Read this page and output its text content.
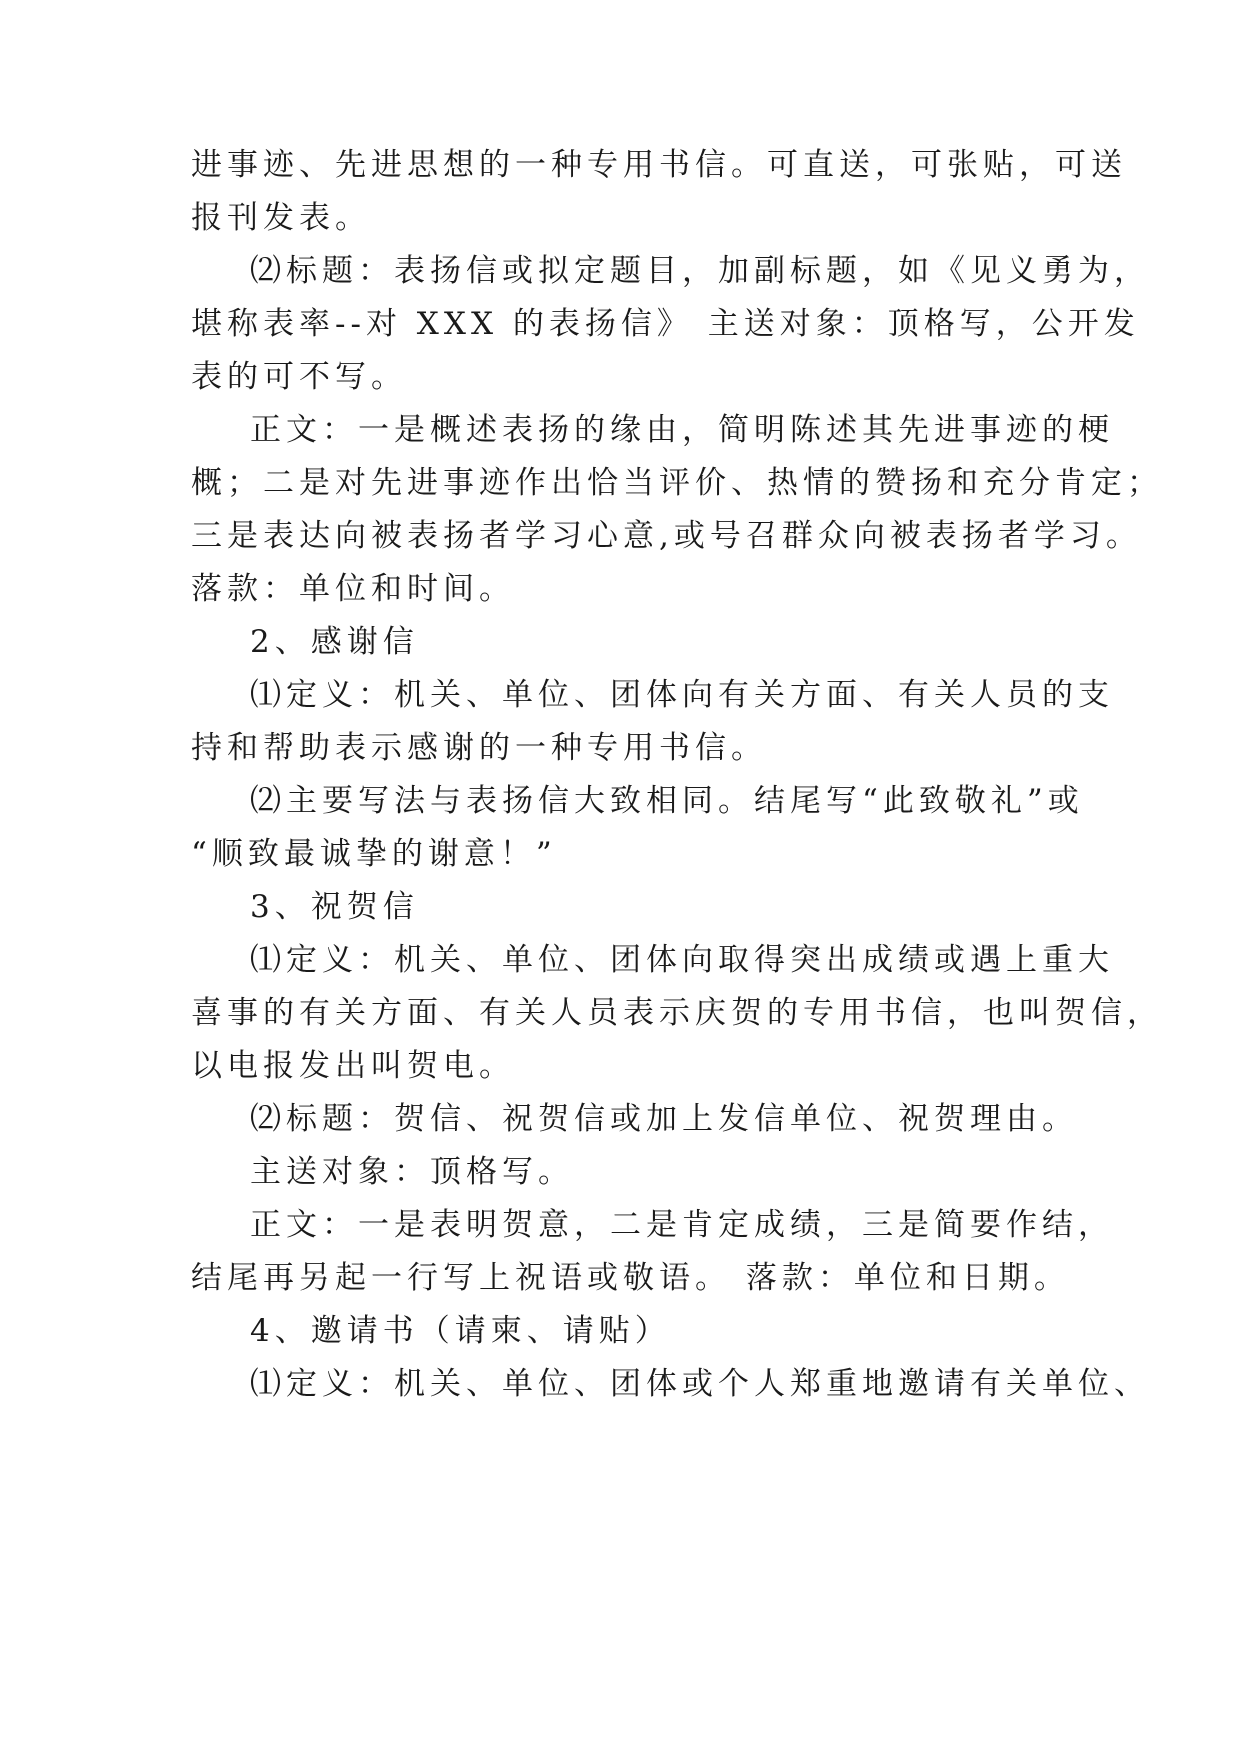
进事迹、先进思想的一种专用书信。可直送，可张贴，可送
报刊发表。
⑵标题：表扬信或拟定题目，加副标题，如《见义勇为，
堪称表率--对 XXX 的表扬信》 主送对象：顶格写，公开发
表的可不写。
正文：一是概述表扬的缘由，简明陈述其先进事迹的梗
概；二是对先进事迹作出恰当评价、热情的赞扬和充分肯定；
三是表达向被表扬者学习心意,或号召群众向被表扬者学习。
落款：单位和时间。
2、感谢信
⑴定义：机关、单位、团体向有关方面、有关人员的支
持和帮助表示感谢的一种专用书信。
⑵主要写法与表扬信大致相同。结尾写“此致敬礼”或
“顺致最诚挚的谢意！”
3、祝贺信
⑴定义：机关、单位、团体向取得突出成绩或遇上重大
喜事的有关方面、有关人员表示庆贺的专用书信，也叫贺信，
以电报发出叫贺电。
⑵标题：贺信、祝贺信或加上发信单位、祝贺理由。
主送对象：顶格写。
正文：一是表明贺意，二是肯定成绩，三是简要作结，
结尾再另起一行写上祝语或敬语。 落款：单位和日期。
4、邀请书（请柬、请贴）
⑴定义：机关、单位、团体或个人郑重地邀请有关单位、
